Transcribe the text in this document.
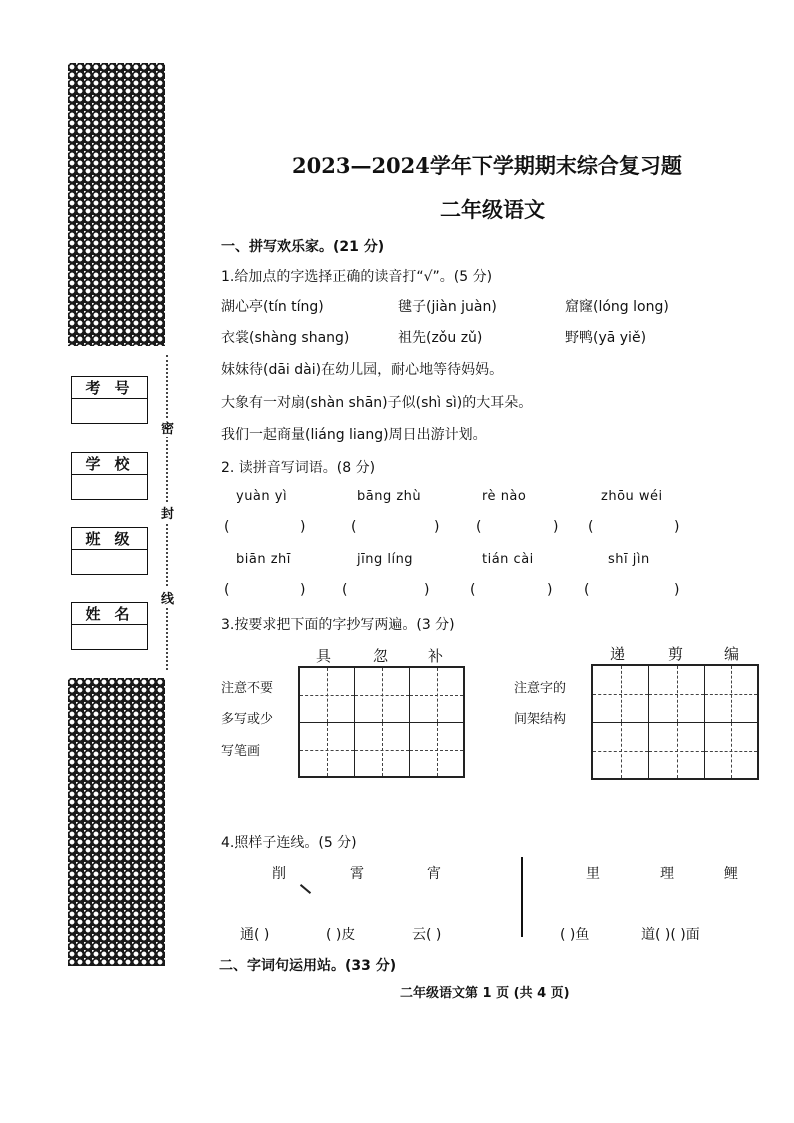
考号
学校
班级
姓名
密
封
线
2023—2024学年下学期期末综合复习题
二年级语文
一、拼写欢乐家。(21 分)
1.给加点的字选择正确的读音打“√”。(5 分)
湖心亭(tín tíng)	毽子(jiàn juàn)	窟窿(lóng long)
衣裳(shàng shang)	祖先(zǒu zǔ)	野鸭(yā yiě)
妹妹待(dāi dài)在幼儿园，耐心地等待妈妈。
大象有一对扇(shàn shān)子似(shì sì)的大耳朵。
我们一起商量(liáng liang)周日出游计划。
2. 读拼音写词语。(8 分)
yuàn yì	bāng zhù	rè nào	zhōu wéi
(	)	(	)	(	) (	)
biān zhī	jīng líng	tián cài	shī jìn
(	)	(	)	(	) (	)
3.按要求把下面的字抄写两遍。(3 分)
具	忽	补
注意不要
多写或少
写笔画
递	剪	编
注意字的
间架结构
4.照样子连线。(5 分)
削	霄	宵
通( )	( )皮	云( )
里	理	鲤
( )鱼	道( )( )面
二、字词句运用站。(33 分)
二年级语文第 1 页 (共 4 页)
